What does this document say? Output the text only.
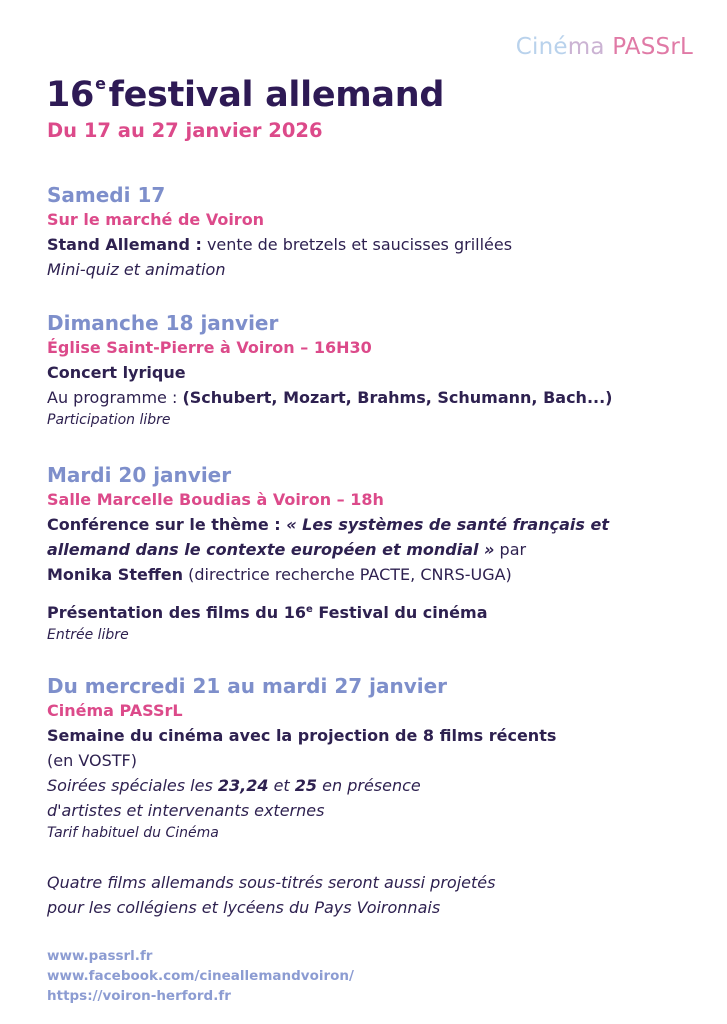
Cinéma PASSrL
16efestival allemand
Du 17 au 27 janvier 2026
Samedi 17
Sur le marché de Voiron
Stand Allemand : vente de bretzels et saucisses grillées
Mini-quiz et animation
Dimanche 18 janvier
Église Saint-Pierre à Voiron – 16H30
Concert lyrique
Au programme : (Schubert, Mozart, Brahms, Schumann, Bach...)
Participation libre
Mardi 20 janvier
Salle Marcelle Boudias à Voiron – 18h
Conférence sur le thème : « Les systèmes de santé français et
allemand dans le contexte européen et mondial » par
Monika Steffen (directrice recherche PACTE, CNRS-UGA)
Présentation des films du 16e Festival du cinéma
Entrée libre
Du mercredi 21 au mardi 27 janvier
Cinéma PASSrL
Semaine du cinéma avec la projection de 8 films récents
(en VOSTF)
Soirées spéciales les 23,24 et 25 en présence
d'artistes et intervenants externes
Tarif habituel du Cinéma
Quatre films allemands sous-titrés seront aussi projetés
pour les collégiens et lycéens du Pays Voironnais
www.passrl.fr
www.facebook.com/cineallemandvoiron/
https://voiron-herford.fr
